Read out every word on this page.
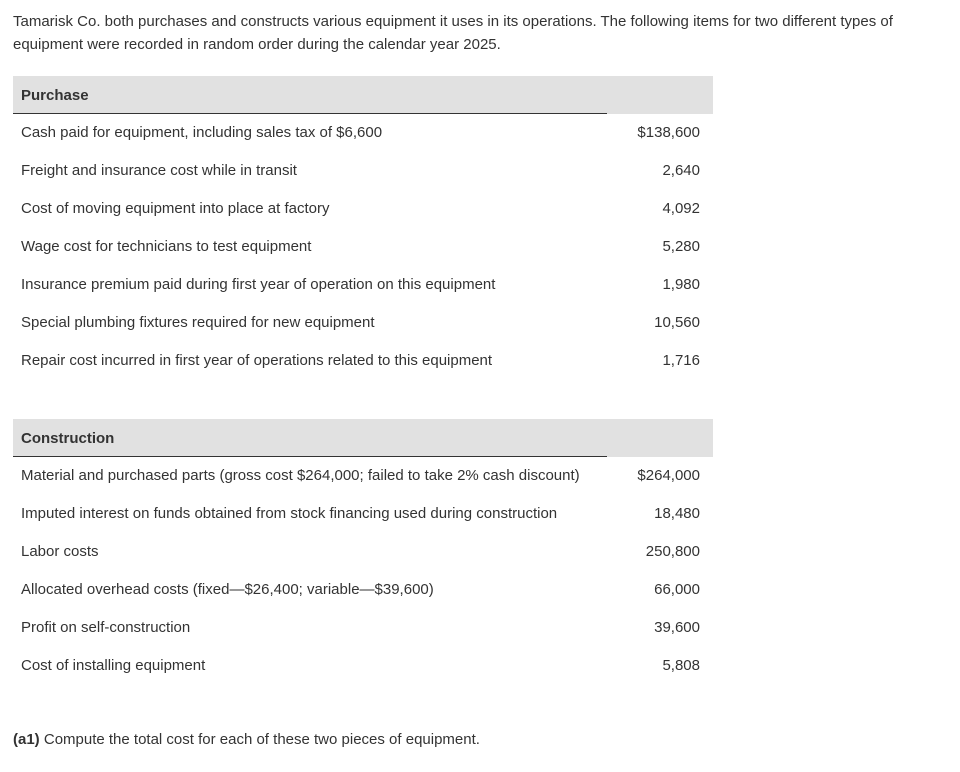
Tamarisk Co. both purchases and constructs various equipment it uses in its operations. The following items for two different types of equipment were recorded in random order during the calendar year 2025.

Purchase
Cash paid for equipment, including sales tax of $6,600	$138,600
Freight and insurance cost while in transit	2,640
Cost of moving equipment into place at factory	4,092
Wage cost for technicians to test equipment	5,280
Insurance premium paid during first year of operation on this equipment	1,980
Special plumbing fixtures required for new equipment	10,560
Repair cost incurred in first year of operations related to this equipment	1,716
Construction
Material and purchased parts (gross cost $264,000; failed to take 2% cash discount)	$264,000
Imputed interest on funds obtained from stock financing used during construction	18,480
Labor costs	250,800
Allocated overhead costs (fixed—$26,400; variable—$39,600)	66,000
Profit on self-construction	39,600
Cost of installing equipment	5,808

(a1) Compute the total cost for each of these two pieces of equipment.
